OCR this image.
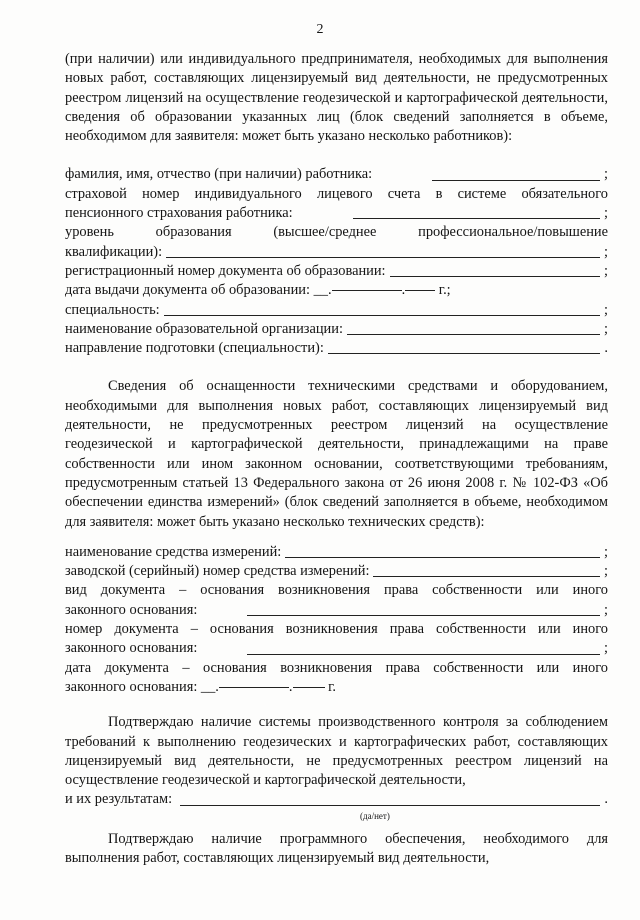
2

(при наличии) или индивидуального предпринимателя, необходимых для выполнения новых работ, составляющих лицензируемый вид деятельности, не предусмотренных реестром лицензий на осуществление геодезической и картографической деятельности, сведения об образовании указанных лиц (блок сведений заполняется в объеме, необходимом для заявителя: может быть указано несколько работников):

фамилия, имя, отчество (при наличии) работника:	;

страховой номер индивидуального лицевого счета в системе обязательного

пенсионного страхования работника:	;

уровень образования (высшее/среднее профессиональное/повышение

квалификации):	;
регистрационный номер документа об образовании:	;
дата выдачи документа об образовании: __.	. г.;
специальность:	;
наименование образовательной организации:	;
направление подготовки (специальности):	.

Сведения об оснащенности техническими средствами и оборудованием, необходимыми для выполнения новых работ, составляющих лицензируемый вид деятельности, не предусмотренных реестром лицензий на осуществление геодезической и картографической деятельности, принадлежащими на праве собственности или ином законном основании, соответствующими требованиям, предусмотренным статьей 13 Федерального закона от 26 июня 2008 г. № 102-ФЗ «Об обеспечении единства измерений» (блок сведений заполняется в объеме, необходимом для заявителя: может быть указано несколько технических средств):

наименование средства измерений:	;
заводской (серийный) номер средства измерений:	;

вид документа – основания возникновения права собственности или иного

законного основания:	;

номер документа – основания возникновения права собственности или иного

законного основания:	;

дата документа – основания возникновения права собственности или иного

законного основания: __.	. г.

Подтверждаю наличие системы производственного контроля за соблюдением требований к выполнению геодезических и картографических работ, составляющих лицензируемый вид деятельности, не предусмотренных реестром лицензий на осуществление геодезической и картографической деятельности,

и их результатам:	.
(да/нет)

Подтверждаю наличие программного обеспечения, необходимого для выполнения работ, составляющих лицензируемый вид деятельности,
